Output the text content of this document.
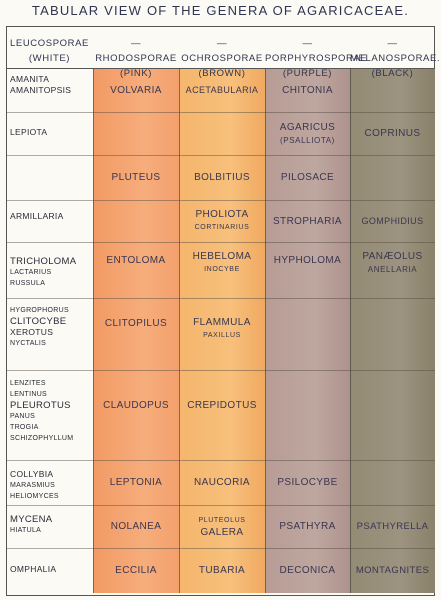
TABULAR VIEW OF THE GENERA OF AGARICACEAE.
LEUCOSPORAE
(WHITE)
— RHODOSPORAE
(PINK)
— OCHROSPORAE
(BROWN)
— PORPHYROSPORAE
(PURPLE)
— MELANOSPORAE.
(BLACK)
AMANITA
AMANITOPSIS
LEPIOTA
ARMILLARIA
TRICHOLOMA
LACTARIUS
RUSSULA
HYGROPHORUS
CLITOCYBE
XEROTUS
NYCTALIS
LENZITES
LENTINUS
PLEUROTUS
PANUS
TROGIA
SCHIZOPHYLLUM
COLLYBIA
MARASMIUS
HELIOMYCES
MYCENA
HIATULA
OMPHALIA
VOLVARIA
PLUTEUS
ENTOLOMA
CLITOPILUS
CLAUDOPUS
LEPTONIA
NOLANEA
ECCILIA
ACETABULARIA
BOLBITIUS
PHOLIOTA
CORTINARIUS
HEBELOMA
INOCYBE
FLAMMULA
PAXILLUS
CREPIDOTUS
NAUCORIA
PLUTEOLUS
GALERA
TUBARIA
CHITONIA
AGARICUS
(PSALLIOTA)
PILOSACE
STROPHARIA
HYPHOLOMA
PSILOCYBE
PSATHYRA
DECONICA
COPRINUS
GOMPHIDIUS
PANÆOLUS
ANELLARIA
PSATHYRELLA
MONTAGNITES
